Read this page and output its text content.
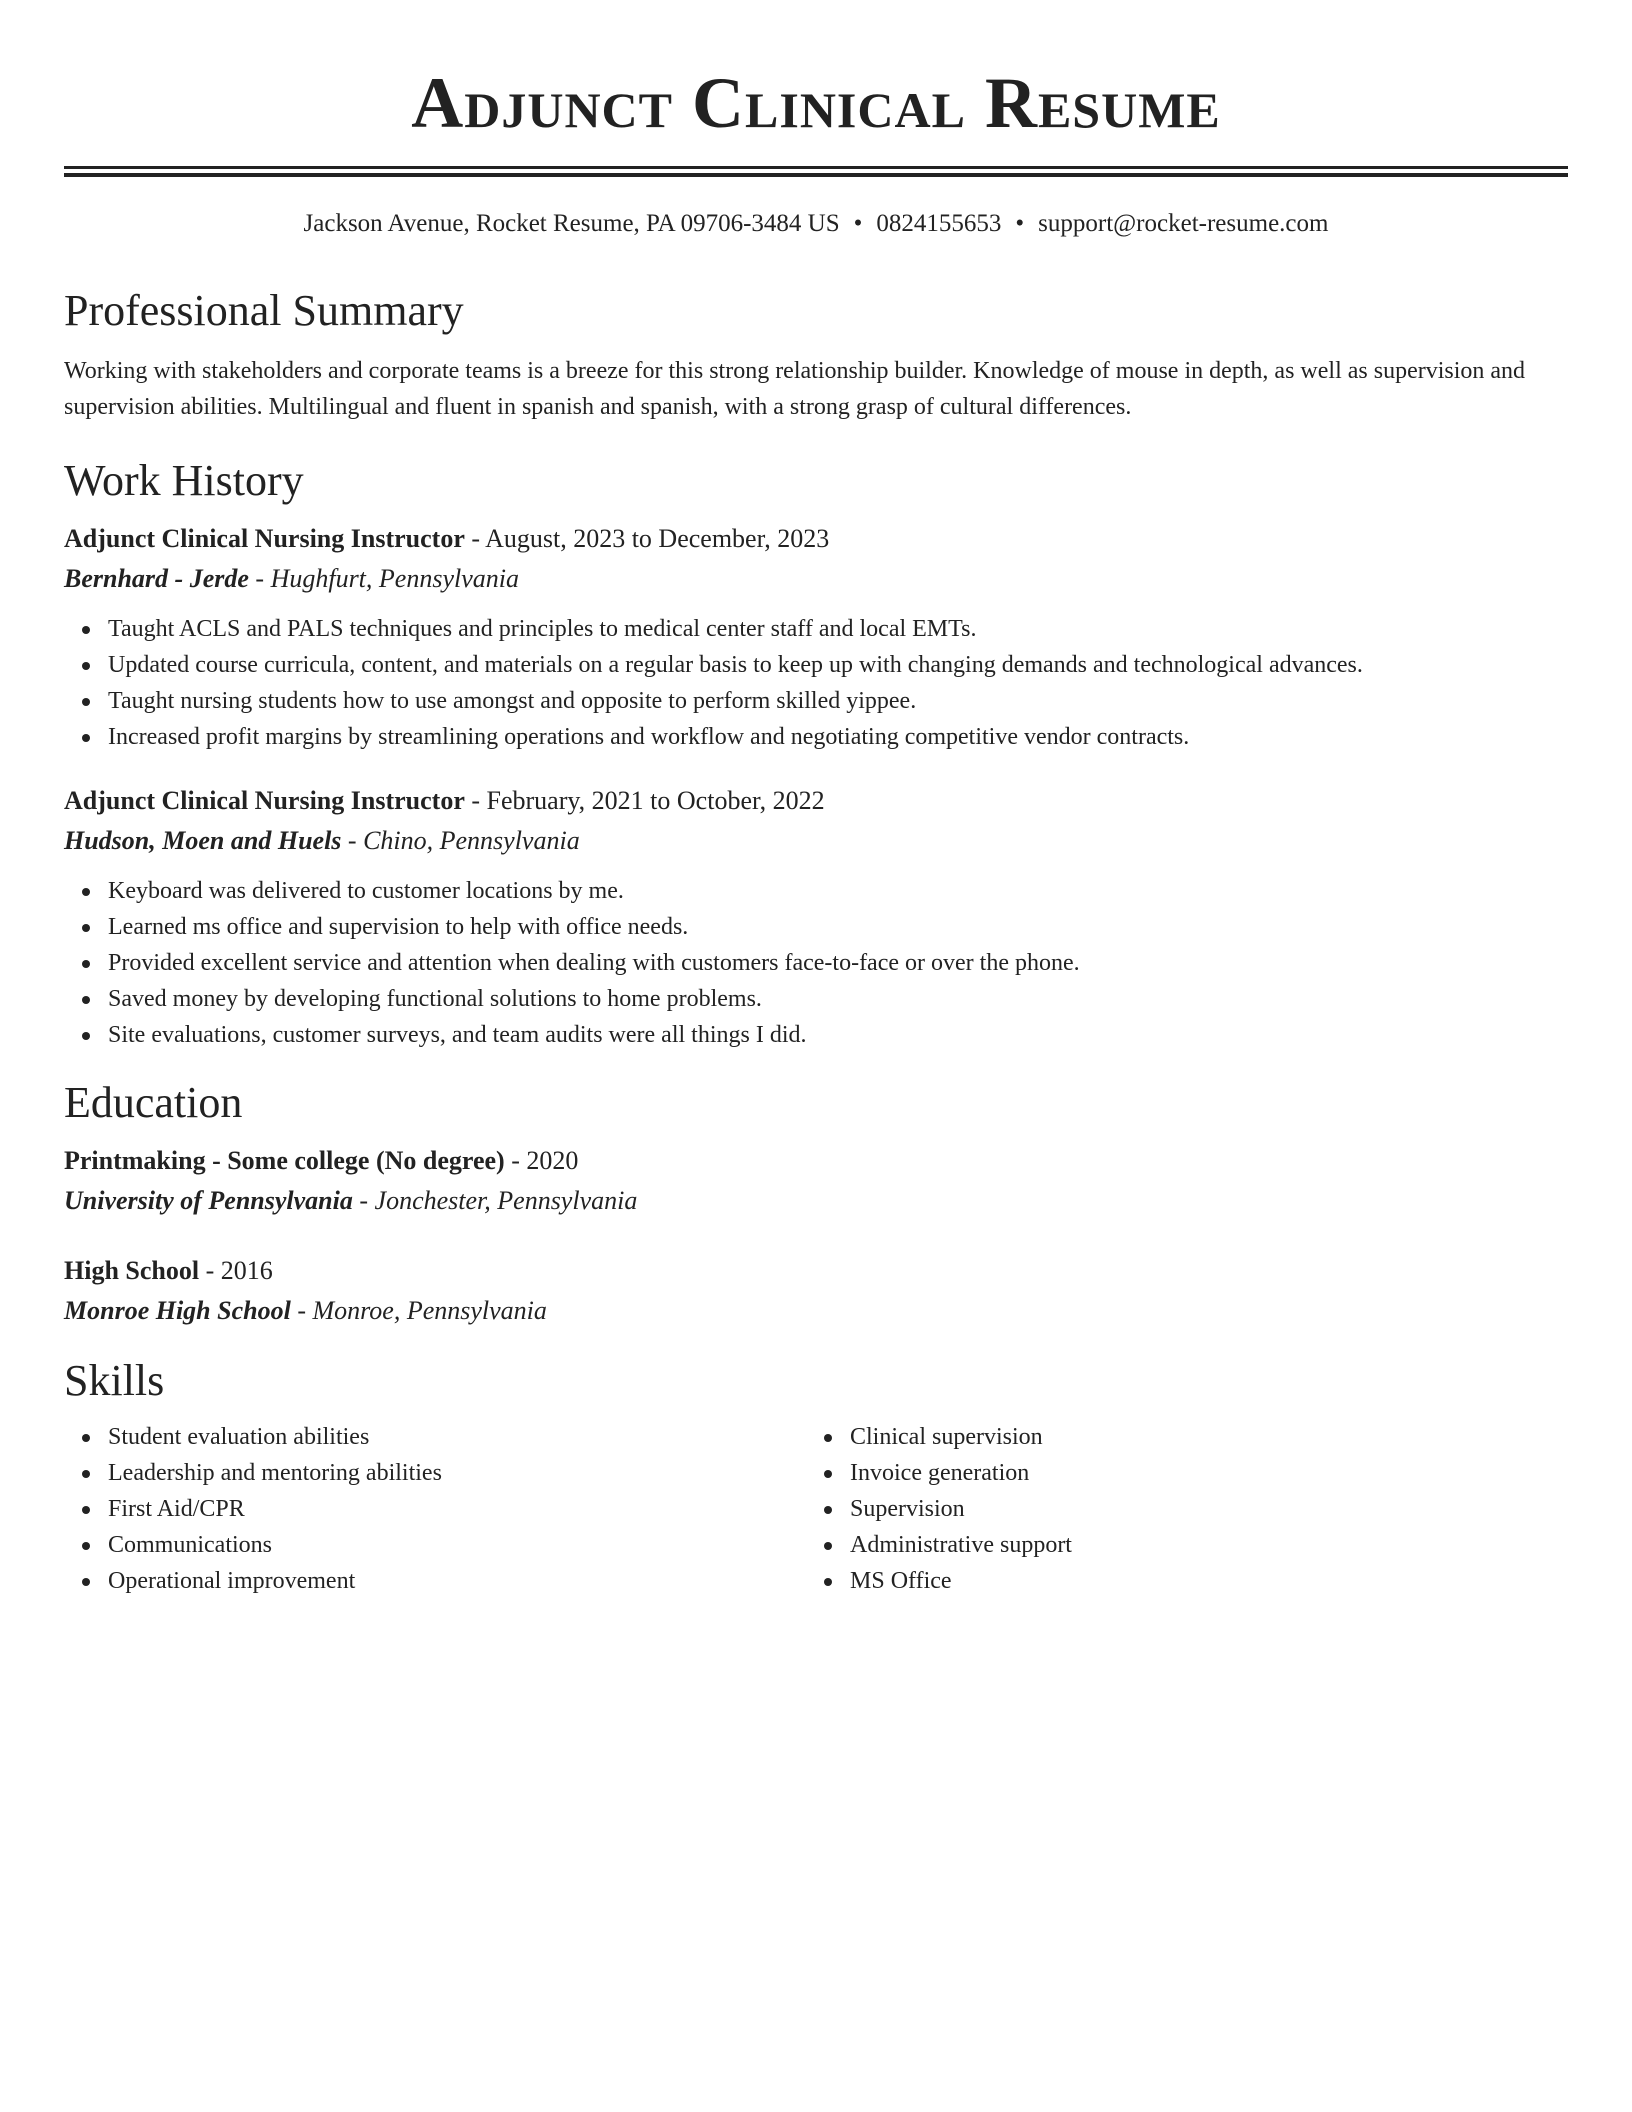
Adjunct Clinical Resume
Jackson Avenue, Rocket Resume, PA 09706-3484 US • 0824155653 • support@rocket-resume.com
Professional Summary

Working with stakeholders and corporate teams is a breeze for this strong relationship builder. Knowledge of mouse in depth, as well as supervision and supervision abilities. Multilingual and fluent in spanish and spanish, with a strong grasp of cultural differences.

Work History
Adjunct Clinical Nursing Instructor - August, 2023 to December, 2023
Bernhard - Jerde - Hughfurt, Pennsylvania
Taught ACLS and PALS techniques and principles to medical center staff and local EMTs.
Updated course curricula, content, and materials on a regular basis to keep up with changing demands and technological advances.
Taught nursing students how to use amongst and opposite to perform skilled yippee.
Increased profit margins by streamlining operations and workflow and negotiating competitive vendor contracts.
Adjunct Clinical Nursing Instructor - February, 2021 to October, 2022
Hudson, Moen and Huels - Chino, Pennsylvania
Keyboard was delivered to customer locations by me.
Learned ms office and supervision to help with office needs.
Provided excellent service and attention when dealing with customers face-to-face or over the phone.
Saved money by developing functional solutions to home problems.
Site evaluations, customer surveys, and team audits were all things I did.
Education
Printmaking - Some college (No degree) - 2020
University of Pennsylvania - Jonchester, Pennsylvania
High School - 2016
Monroe High School - Monroe, Pennsylvania
Skills
Student evaluation abilities
Leadership and mentoring abilities
First Aid/CPR
Communications
Operational improvement
Clinical supervision
Invoice generation
Supervision
Administrative support
MS Office
